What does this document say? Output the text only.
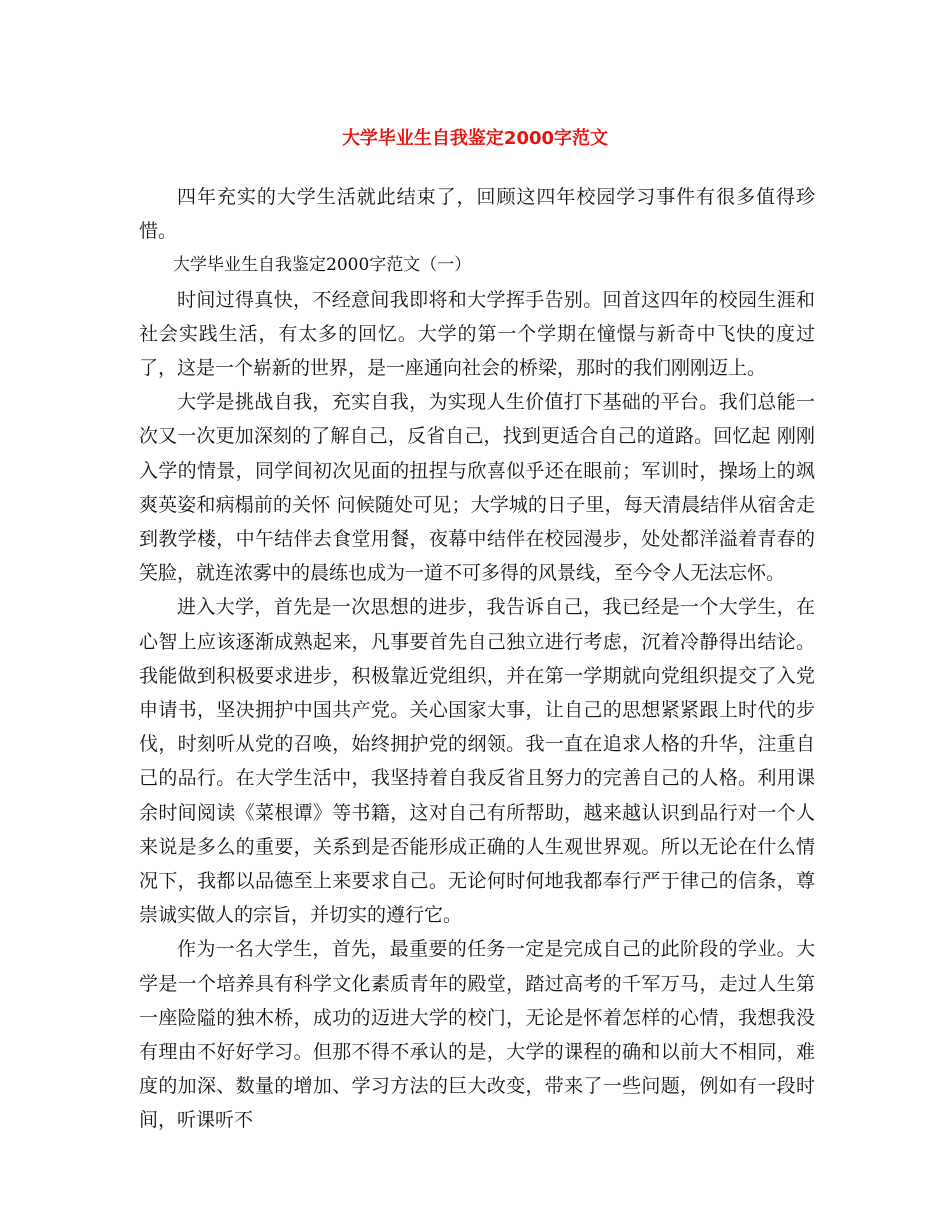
大学毕业生自我鉴定2000字范文

四年充实的大学生活就此结束了，回顾这四年校园学习事件有很多值得珍惜。

大学毕业生自我鉴定2000字范文（一）

时间过得真快，不经意间我即将和大学挥手告别。回首这四年的校园生涯和社会实践生活，有太多的回忆。大学的第一个学期在憧憬与新奇中飞快的度过了，这是一个崭新的世界，是一座通向社会的桥梁，那时的我们刚刚迈上。

大学是挑战自我，充实自我，为实现人生价值打下基础的平台。我们总能一次又一次更加深刻的了解自己，反省自己，找到更适合自己的道路。回忆起 刚刚入学的情景，同学间初次见面的扭捏与欣喜似乎还在眼前；军训时，操场上的飒爽英姿和病榻前的关怀 问候随处可见；大学城的日子里，每天清晨结伴从宿舍走到教学楼，中午结伴去食堂用餐，夜幕中结伴在校园漫步，处处都洋溢着青春的笑脸，就连浓雾中的晨练也成为一道不可多得的风景线，至今令人无法忘怀。

进入大学，首先是一次思想的进步，我告诉自己，我已经是一个大学生，在心智上应该逐渐成熟起来，凡事要首先自己独立进行考虑，沉着冷静得出结论。我能做到积极要求进步，积极靠近党组织，并在第一学期就向党组织提交了入党申请书，坚决拥护中国共产党。关心国家大事，让自己的思想紧紧跟上时代的步伐，时刻听从党的召唤，始终拥护党的纲领。我一直在追求人格的升华，注重自己的品行。在大学生活中，我坚持着自我反省且努力的完善自己的人格。利用课余时间阅读《菜根谭》等书籍，这对自己有所帮助，越来越认识到品行对一个人来说是多么的重要，关系到是否能形成正确的人生观世界观。所以无论在什么情况下，我都以品德至上来要求自己。无论何时何地我都奉行严于律己的信条，尊崇诚实做人的宗旨，并切实的遵行它。

作为一名大学生，首先，最重要的任务一定是完成自己的此阶段的学业。大学是一个培养具有科学文化素质青年的殿堂，踏过高考的千军万马，走过人生第一座险隘的独木桥，成功的迈进大学的校门，无论是怀着怎样的心情，我想我没有理由不好好学习。但那不得不承认的是，大学的课程的确和以前大不相同，难度的加深、数量的增加、学习方法的巨大改变，带来了一些问题，例如有一段时间，听课听不
